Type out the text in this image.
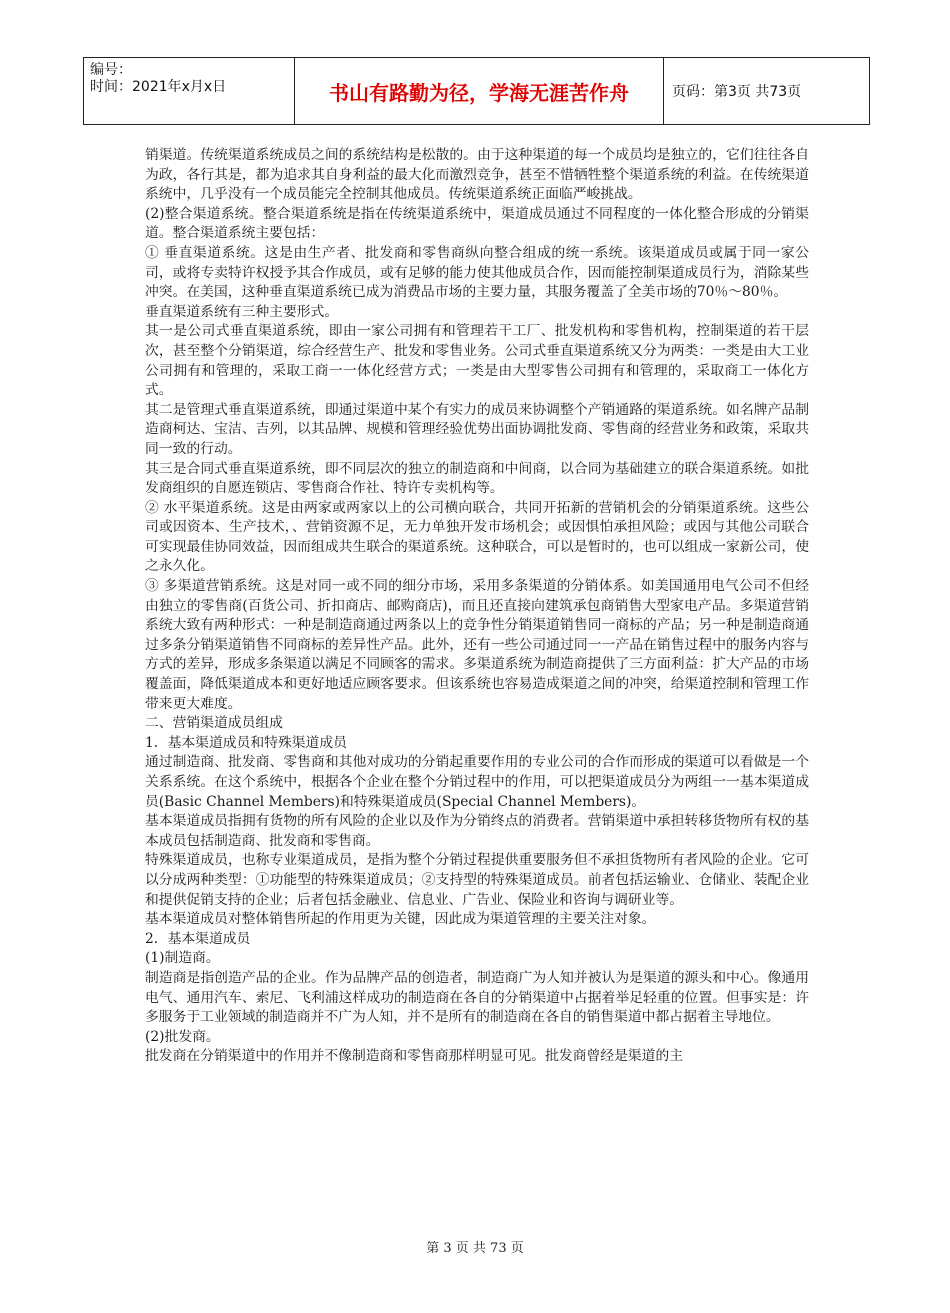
编号：
时间：2021年x月x日	书山有路勤为径，学海无涯苦作舟	页码：第3页 共73页

销渠道。传统渠道系统成员之间的系统结构是松散的。由于这种渠道的每一个成员均是独立的，它们往往各自为政，各行其是，都为追求其自身利益的最大化而激烈竞争，甚至不惜牺牲整个渠道系统的利益。在传统渠道系统中，几乎没有一个成员能完全控制其他成员。传统渠道系统正面临严峻挑战。

(2)整合渠道系统。整合渠道系统是指在传统渠道系统中，渠道成员通过不同程度的一体化整合形成的分销渠道。整合渠道系统主要包括：

① 垂直渠道系统。这是由生产者、批发商和零售商纵向整合组成的统一系统。该渠道成员或属于同一家公司，或将专卖特许权授予其合作成员，或有足够的能力使其他成员合作，因而能控制渠道成员行为，消除某些冲突。在美国，这种垂直渠道系统已成为消费品市场的主要力量，其服务覆盖了全美市场的70％～80％。

垂直渠道系统有三种主要形式。

其一是公司式垂直渠道系统，即由一家公司拥有和管理若干工厂、批发机构和零售机构，控制渠道的若干层次，甚至整个分销渠道，综合经营生产、批发和零售业务。公司式垂直渠道系统又分为两类：一类是由大工业公司拥有和管理的，采取工商一一体化经营方式；一类是由大型零售公司拥有和管理的，采取商工一体化方式。

其二是管理式垂直渠道系统，即通过渠道中某个有实力的成员来协调整个产销通路的渠道系统。如名牌产品制造商柯达、宝洁、吉列，以其品牌、规模和管理经验优势出面协调批发商、零售商的经营业务和政策，采取共同一致的行动。

其三是合同式垂直渠道系统，即不同层次的独立的制造商和中间商，以合同为基础建立的联合渠道系统。如批发商组织的自愿连锁店、零售商合作社、特许专卖机构等。

② 水平渠道系统。这是由两家或两家以上的公司横向联合，共同开拓新的营销机会的分销渠道系统。这些公司或因资本、生产技术，、营销资源不足，无力单独开发市场机会；或因惧怕承担风险；或因与其他公司联合可实现最佳协同效益，因而组成共生联合的渠道系统。这种联合，可以是暂时的，也可以组成一家新公司，使之永久化。

③ 多渠道营销系统。这是对同一或不同的细分市场，采用多条渠道的分销体系。如美国通用电气公司不但经由独立的零售商(百货公司、折扣商店、邮购商店)，而且还直接向建筑承包商销售大型家电产品。多渠道营销系统大致有两种形式：一种是制造商通过两条以上的竞争性分销渠道销售同一商标的产品；另一种是制造商通过多条分销渠道销售不同商标的差异性产品。此外，还有一些公司通过同一一产品在销售过程中的服务内容与方式的差异，形成多条渠道以满足不同顾客的需求。多渠道系统为制造商提供了三方面利益：扩大产品的市场覆盖面，降低渠道成本和更好地适应顾客要求。但该系统也容易造成渠道之间的冲突，给渠道控制和管理工作带来更大难度。

二、营销渠道成员组成

1．基本渠道成员和特殊渠道成员

通过制造商、批发商、零售商和其他对成功的分销起重要作用的专业公司的合作而形成的渠道可以看做是一个关系系统。在这个系统中，根据各个企业在整个分销过程中的作用，可以把渠道成员分为两组一一基本渠道成员(Basic Channel Members)和特殊渠道成员(Special Channel Members)。

基本渠道成员指拥有货物的所有风险的企业以及作为分销终点的消费者。营销渠道中承担转移货物所有权的基本成员包括制造商、批发商和零售商。

特殊渠道成员，也称专业渠道成员，是指为整个分销过程提供重要服务但不承担货物所有者风险的企业。它可以分成两种类型：①功能型的特殊渠道成员；②支持型的特殊渠道成员。前者包括运输业、仓储业、装配企业和提供促销支持的企业；后者包括金融业、信息业、广告业、保险业和咨询与调研业等。

基本渠道成员对整体销售所起的作用更为关键，因此成为渠道管理的主要关注对象。

2．基本渠道成员

(1)制造商。

制造商是指创造产品的企业。作为品牌产品的创造者，制造商广为人知并被认为是渠道的源头和中心。像通用电气、通用汽车、索尼、飞利浦这样成功的制造商在各自的分销渠道中占据着举足轻重的位置。但事实是：许多服务于工业领域的制造商并不广为人知，并不是所有的制造商在各自的销售渠道中都占据着主导地位。

(2)批发商。

批发商在分销渠道中的作用并不像制造商和零售商那样明显可见。批发商曾经是渠道的主

第 3 页 共 73 页
